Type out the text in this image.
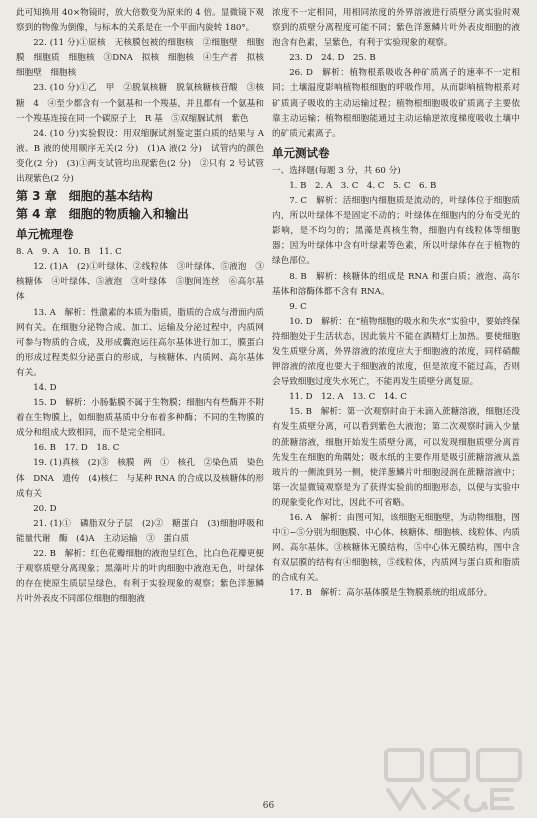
此可知换用 40×物镜时，放大倍数变为原来的 4 倍。显微镜下观察到的物像为倒像，与标本的关系是在一个平面内旋转 180°。

22. (11 分)①原核　无核膜包被的细胞核　②细胞壁　细胞膜　细胞质　细胞核　③DNA　拟核　细胞核　④生产者　拟核　细胞壁　细胞核

23. (10 分)①乙　甲　②脱氧核糖　脱氧核糖核苷酸　③核糖　4　④至少都含有一个氨基和一个羧基，并且都有一个氨基和一个羧基连接在同一个碳原子上　R 基　⑤双缩脲试剂　紫色

24. (10 分)实验假设：用双缩脲试剂鉴定蛋白质的结果与 A 液、B 液的使用顺序无关(2 分)　(1)A 液(2 分)　试管内的颜色变化(2 分)　(3)①两支试管均出现紫色(2 分)　②只有 2 号试管出现紫色(2 分)

第 3 章　细胞的基本结构

第 4 章　细胞的物质输入和输出

单元梳理卷

8. A　9. A　10. B　11. C

12. (1)A　(2)①叶绿体、②线粒体　③叶绿体、⑤液泡　③核糖体　④叶绿体、⑤液泡　③叶绿体　⑤胞间连丝　⑥高尔基体

13. A　解析：性激素的本质为脂质，脂质的合成与滑面内质网有关。在细胞分泌物合成、加工、运输及分泌过程中，内质网可参与物质的合成，及形成囊泡运往高尔基体进行加工，膜蛋白的形成过程类似分泌蛋白的形成，与核糖体、内质网、高尔基体有关。

14. D

15. D　解析：小肠黏膜不属于生物膜；细胞内有些酶并不附着在生物膜上，如细胞质基质中分布着多种酶；不同的生物膜的成分和组成大致相同，而不是完全相同。

16. B　17. D　18. C

19. (1)真核　(2)③　核膜　两　①　核孔　②染色质　染色体　DNA　遗传　(4)核仁　与某种 RNA 的合成以及核糖体的形成有关

20. D

21. (1)①　磷脂双分子层　(2)②　糖蛋白　(3)细胞呼吸和能量代谢　酶　(4)A　主动运输　③　蛋白质

22. B　解析：红色花瓣细胞的液泡呈红色，比白色花瓣更便于观察质壁分离现象；黑藻叶片的叶肉细胞中液泡无色，叶绿体的存在使原生质层呈绿色，有利于实验现象的观察；紫色洋葱鳞片叶外表皮不同部位细胞的细胞液

浓度不一定相同，用相同浓度的外界溶液进行质壁分离实验时观察到的质壁分离程度可能不同；紫色洋葱鳞片叶外表皮细胞的液泡含有色素，呈紫色，有利于实验现象的观察。

23. D　24. D　25. B

26. D　解析：植物根系吸收各种矿质离子的速率不一定相同；土壤温度影响植物根细胞的呼吸作用，从而影响植物根系对矿质离子吸收的主动运输过程；植物根细胞吸收矿质离子主要依靠主动运输；植物根细胞能通过主动运输逆浓度梯度吸收土壤中的矿质元素离子。

单元测试卷

一、选择题(每题 3 分，共 60 分)

1. B　2. A　3. C　4. C　5. C　6. B

7. C　解析：活细胞内细胞质是流动的，叶绿体位于细胞质内，所以叶绿体不是固定不动的；叶绿体在细胞内的分布受光的影响，是不均匀的；黑藻是真核生物，细胞内有线粒体等细胞器；因为叶绿体中含有叶绿素等色素，所以叶绿体存在于植物的绿色部位。

8. B　解析：核糖体的组成是 RNA 和蛋白质；液泡、高尔基体和溶酶体都不含有 RNA。

9. C

10. D　解析：在“植物细胞的吸水和失水”实验中，要始终保持细胞处于生活状态，因此装片不能在酒精灯上加热。要使细胞发生质壁分离，外界溶液的浓度应大于细胞液的浓度，同样硝酸钾溶液的浓度也要大于细胞液的浓度，但是浓度不能过高，否则会导致细胞过度失水死亡，不能再发生质壁分离复原。

11. D　12. A　13. C　14. C

15. B　解析：第一次观察时由于未滴入蔗糖溶液，细胞还没有发生质壁分离，可以看到紫色大液泡；第二次观察时滴入少量的蔗糖溶液，细胞开始发生质壁分离，可以发现细胞质壁分离首先发生在细胞的角隅处；吸水纸的主要作用是吸引蔗糖溶液从盖玻片的一侧流到另一侧，使洋葱鳞片叶细胞浸润在蔗糖溶液中；第一次显微镜观察是为了获得实验前的细胞形态，以便与实验中的现象变化作对比，因此不可省略。

16. A　解析：由图可知，该细胞无细胞壁，为动物细胞，图中①~⑤分别为细胞膜、中心体、核糖体、细胞核、线粒体、内质网、高尔基体。③核糖体无膜结构，⑤中心体无膜结构，图中含有双层膜的结构有④细胞核，⑤线粒体，内质网与蛋白质和脂质的合成有关。

17. B　解析：高尔基体膜是生物膜系统的组成部分。

66
